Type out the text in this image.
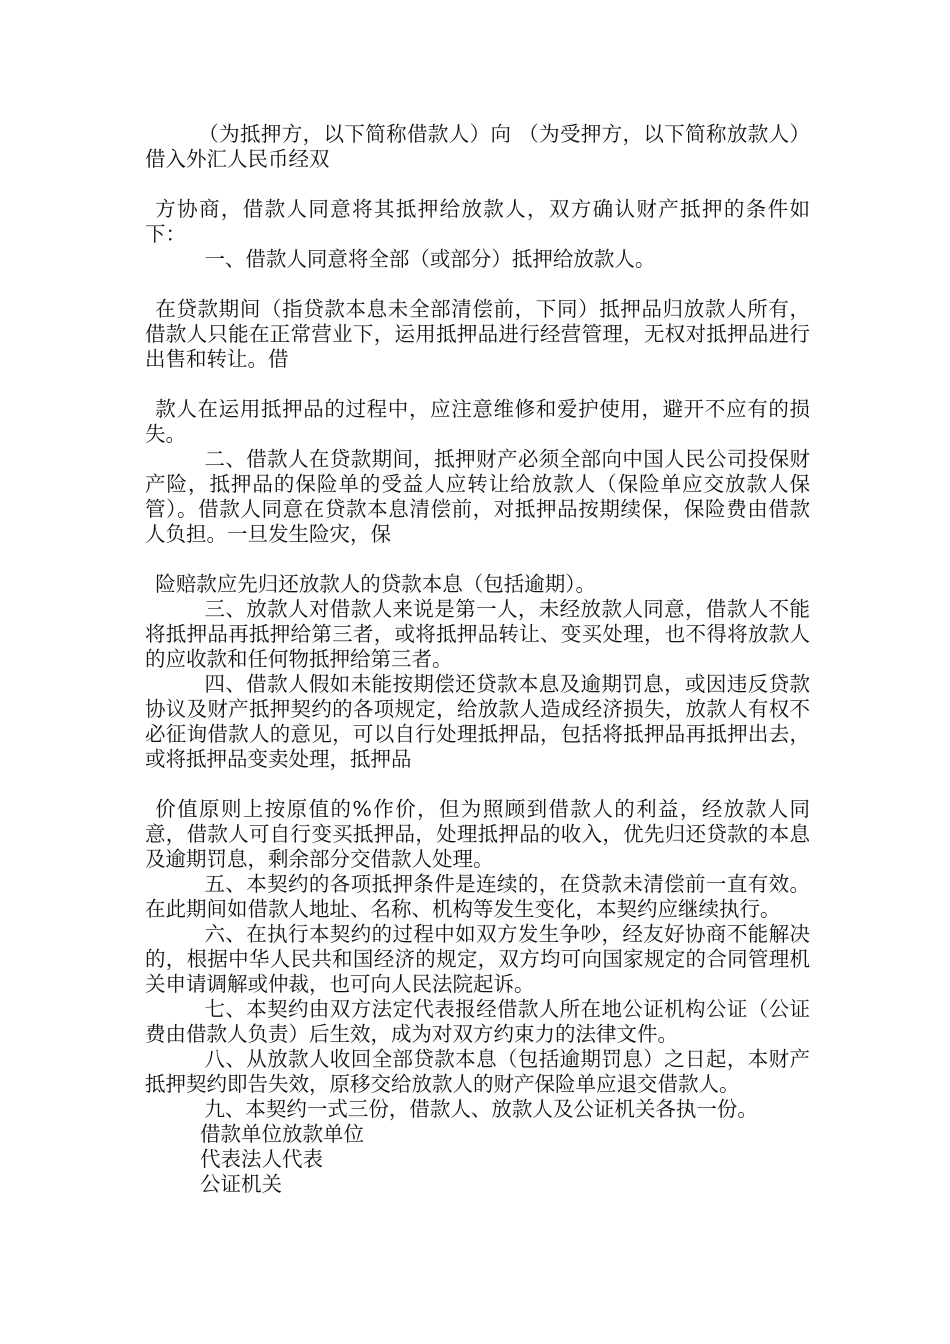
（为抵押方，以下简称借款人）向 （为受押方，以下简称放款人）借入外汇人民币经双

方协商，借款人同意将其抵押给放款人，双方确认财产抵押的条件如下：

一、借款人同意将全部（或部分）抵押给放款人。

在贷款期间（指贷款本息未全部清偿前，下同）抵押品归放款人所有，借款人只能在正常营业下，运用抵押品进行经营管理，无权对抵押品进行出售和转让。借

款人在运用抵押品的过程中，应注意维修和爱护使用，避开不应有的损失。

二、借款人在贷款期间，抵押财产必须全部向中国人民公司投保财产险，抵押品的保险单的受益人应转让给放款人（保险单应交放款人保管）。借款人同意在贷款本息清偿前，对抵押品按期续保，保险费由借款人负担。一旦发生险灾，保

险赔款应先归还放款人的贷款本息（包括逾期）。

三、放款人对借款人来说是第一人，未经放款人同意，借款人不能将抵押品再抵押给第三者，或将抵押品转让、变买处理，也不得将放款人的应收款和任何物抵押给第三者。

四、借款人假如未能按期偿还贷款本息及逾期罚息，或因违反贷款协议及财产抵押契约的各项规定，给放款人造成经济损失，放款人有权不必征询借款人的意见，可以自行处理抵押品，包括将抵押品再抵押出去，或将抵押品变卖处理，抵押品

价值原则上按原值的%作价，但为照顾到借款人的利益，经放款人同意，借款人可自行变买抵押品，处理抵押品的收入，优先归还贷款的本息及逾期罚息，剩余部分交借款人处理。

五、本契约的各项抵押条件是连续的，在贷款未清偿前一直有效。在此期间如借款人地址、名称、机构等发生变化，本契约应继续执行。

六、在执行本契约的过程中如双方发生争吵，经友好协商不能解决的，根据中华人民共和国经济的规定，双方均可向国家规定的合同管理机关申请调解或仲裁，也可向人民法院起诉。

七、本契约由双方法定代表报经借款人所在地公证机构公证（公证费由借款人负责）后生效，成为对双方约束力的法律文件。

八、从放款人收回全部贷款本息（包括逾期罚息）之日起，本财产抵押契约即告失效，原移交给放款人的财产保险单应退交借款人。

九、本契约一式三份，借款人、放款人及公证机关各执一份。

借款单位放款单位

代表法人代表

公证机关
